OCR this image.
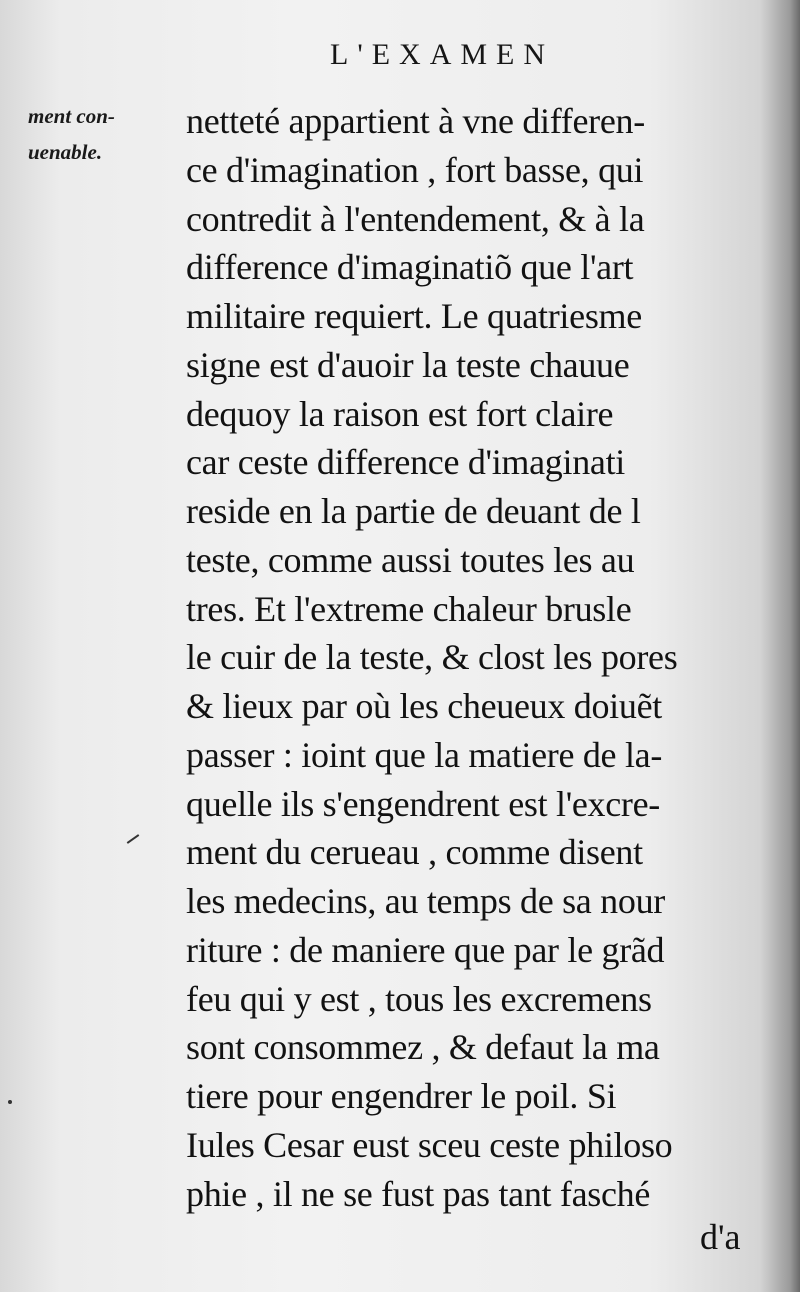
L'EXAMEN
ment con-
uenable.
netteté appartient à vne differen-
ce d'imagination , fort basse, qui
contredit à l'entendement, & à la
difference d'imaginatiõ que l'art
militaire requiert. Le quatriesme
signe est d'auoir la teste chauue
dequoy la raison est fort claire
car ceste difference d'imaginati
reside en la partie de deuant de l
teste, comme aussi toutes les au
tres. Et l'extreme chaleur brusle
le cuir de la teste, & clost les pores
& lieux par où les cheueux doiuẽt
passer : ioint que la matiere de la-
quelle ils s'engendrent est l'excre-
ment du cerueau , comme disent
les medecins, au temps de sa nour
riture : de maniere que par le grãd
feu qui y est , tous les excremens
sont consommez , & defaut la ma
tiere pour engendrer le poil. Si
Iules Cesar eust sceu ceste philoso
phie , il ne se fust pas tant fasché
d'a
